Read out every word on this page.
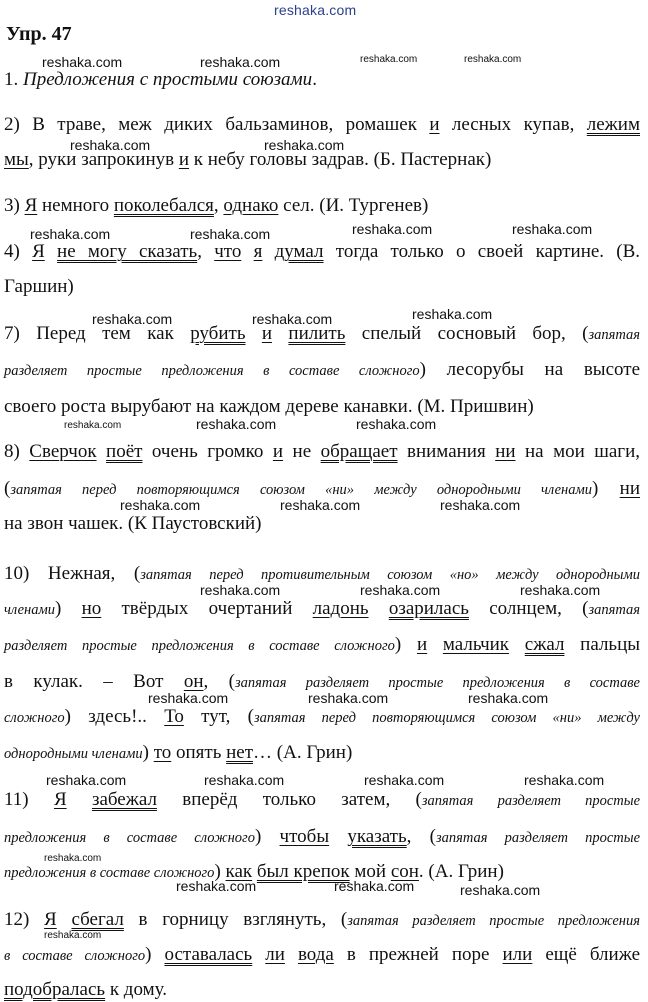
reshaka.com
Упр. 47
reshaka.com	reshaka.com	reshaka.com	reshaka.com
1. Предложения с простыми союзами.
2) В траве, меж диких бальзаминов, ромашек и лесных купав, лежим
reshaka.com	reshaka.com
мы, руки запрокинув и к небу головы задрав. (Б. Пастернак)
3) Я немного поколебался, однако сел. (И. Тургенев)
reshaka.com	reshaka.com
reshaka.com	reshaka.com
4) Я не могу сказать, что я думал тогда только о своей картине. (В.
Гаршин)
reshaka.com
reshaka.com	reshaka.com
7) Перед тем как рубить и пилить спелый сосновый бор, (запятая
разделяет простые предложения в составе сложного) лесорубы на высоте
своего роста вырубают на каждом дереве канавки. (М. Пришвин)
reshaka.com	reshaka.com	reshaka.com
8) Сверчок поёт очень громко и не обращает внимания ни на мои шаги,
(запятая перед повторяющимся союзом «ни» между однородными членами) ни
reshaka.com	reshaka.com	reshaka.com
на звон чашек. (К Паустовский)
10) Нежная, (запятая перед противительным союзом «но» между однородными
reshaka.com	reshaka.com	reshaka.com
членами) но твёрдых очертаний ладонь озарилась солнцем, (запятая
разделяет простые предложения в составе сложного) и мальчик сжал пальцы
в кулак. – Вот он, (запятая разделяет простые предложения в составе
reshaka.com	reshaka.com	reshaka.com
сложного) здесь!.. То тут, (запятая перед повторяющимся союзом «ни» между
однородными членами) то опять нет… (А. Грин)
reshaka.com	reshaka.com	reshaka.com	reshaka.com
11) Я забежал вперёд только затем, (запятая разделяет простые
предложения в составе сложного) чтобы указать, (запятая разделяет простые
reshaka.com
предложения в составе сложного) как был крепок мой сон. (А. Грин)
reshaka.com	reshaka.com	reshaka.com
12) Я сбегал в горницу взглянуть, (запятая разделяет простые предложения
reshaka.com
в составе сложного) оставалась ли вода в прежней поре или ещё ближе
подобралась к дому.
